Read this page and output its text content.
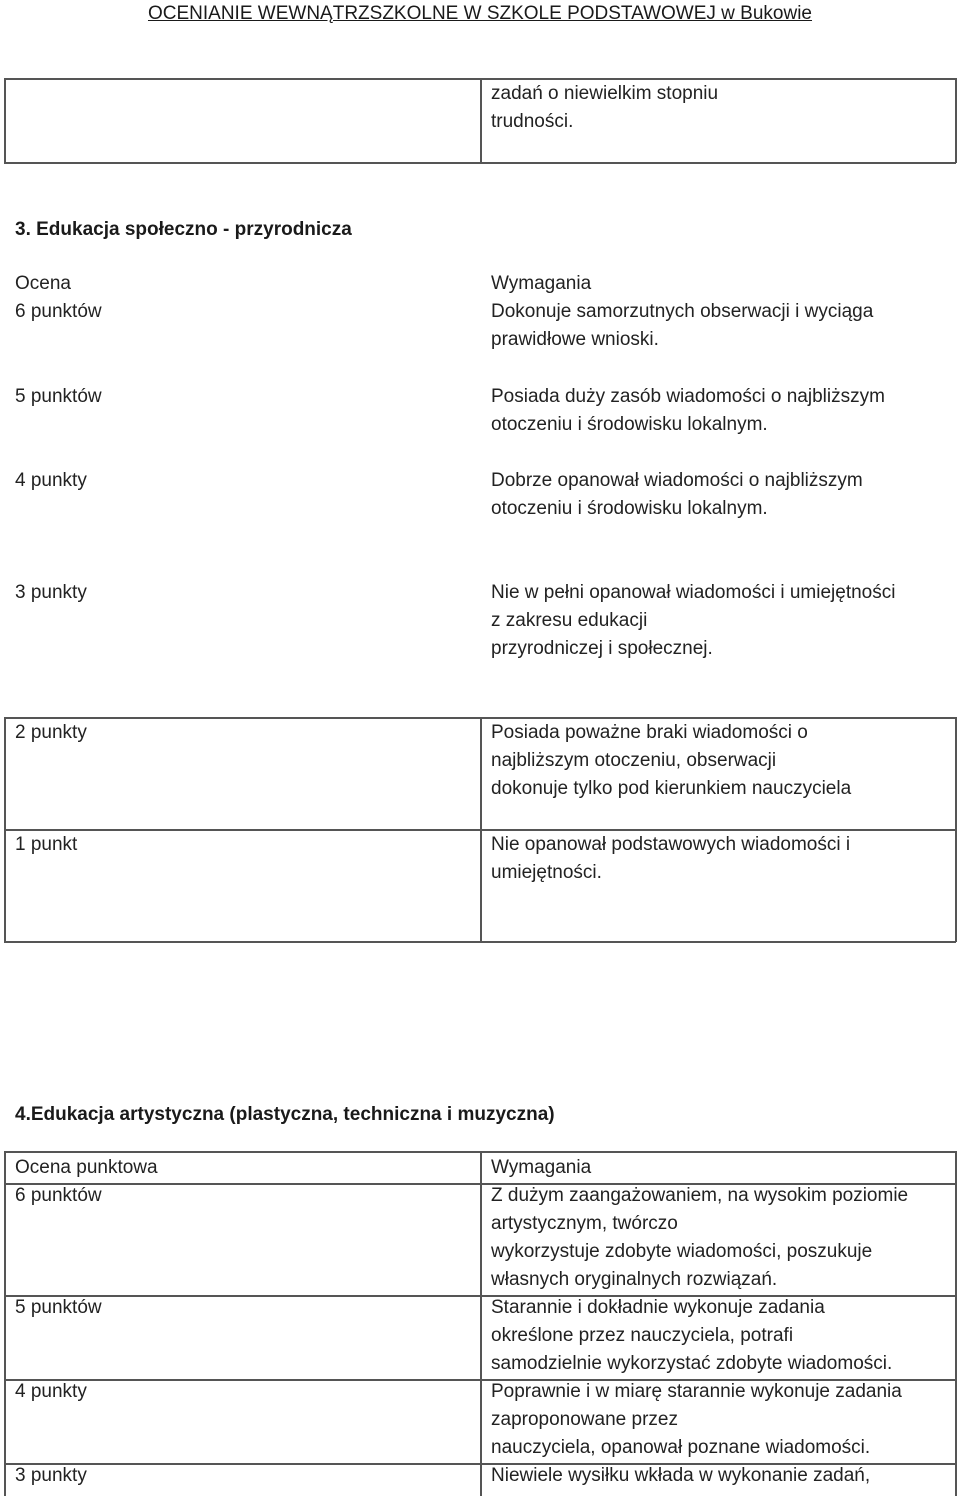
OCENIANIE WEWNĄTRZSZKOLNE W SZKOLE PODSTAWOWEJ w Bukowie
zadań o niewielkim stopniu
trudności.
3. Edukacja społeczno - przyrodnicza
Ocena	Wymagania
6 punktów	Dokonuje samorzutnych obserwacji i wyciąga
prawidłowe wnioski.
5 punktów	Posiada duży zasób wiadomości o najbliższym
otoczeniu i środowisku lokalnym.
4 punkty	Dobrze opanował wiadomości o najbliższym
otoczeniu i środowisku lokalnym.
3 punkty	Nie w pełni opanował wiadomości i umiejętności
z zakresu edukacji
przyrodniczej i społecznej.
2 punkty	Posiada poważne braki wiadomości o
najbliższym otoczeniu, obserwacji
dokonuje tylko pod kierunkiem nauczyciela
1 punkt	Nie opanował podstawowych wiadomości i
umiejętności.
4.Edukacja artystyczna (plastyczna, techniczna i muzyczna)
Ocena punktowa	Wymagania
6 punktów	Z dużym zaangażowaniem, na wysokim poziomie
artystycznym, twórczo
wykorzystuje zdobyte wiadomości, poszukuje
własnych oryginalnych rozwiązań.
5 punktów	Starannie i dokładnie wykonuje zadania
określone przez nauczyciela, potrafi
samodzielnie wykorzystać zdobyte wiadomości.
4 punkty	Poprawnie i w miarę starannie wykonuje zadania
zaproponowane przez
nauczyciela, opanował poznane wiadomości.
3 punkty	Niewiele wysiłku wkłada w wykonanie zadań,
